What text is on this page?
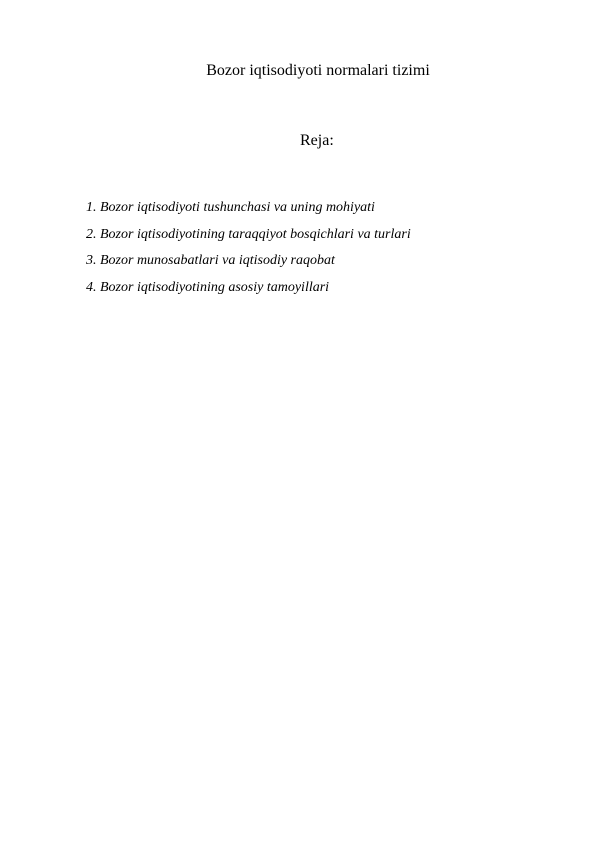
Bozor iqtisodiyoti normalari tizimi
Reja:
1. Bozor iqtisodiyoti tushunchasi va uning mohiyati
2. Bozor iqtisodiyotining taraqqiyot bosqichlari va turlari
3. Bozor munosabatlari va iqtisodiy raqobat
4. Bozor iqtisodiyotining asosiy tamoyillari
